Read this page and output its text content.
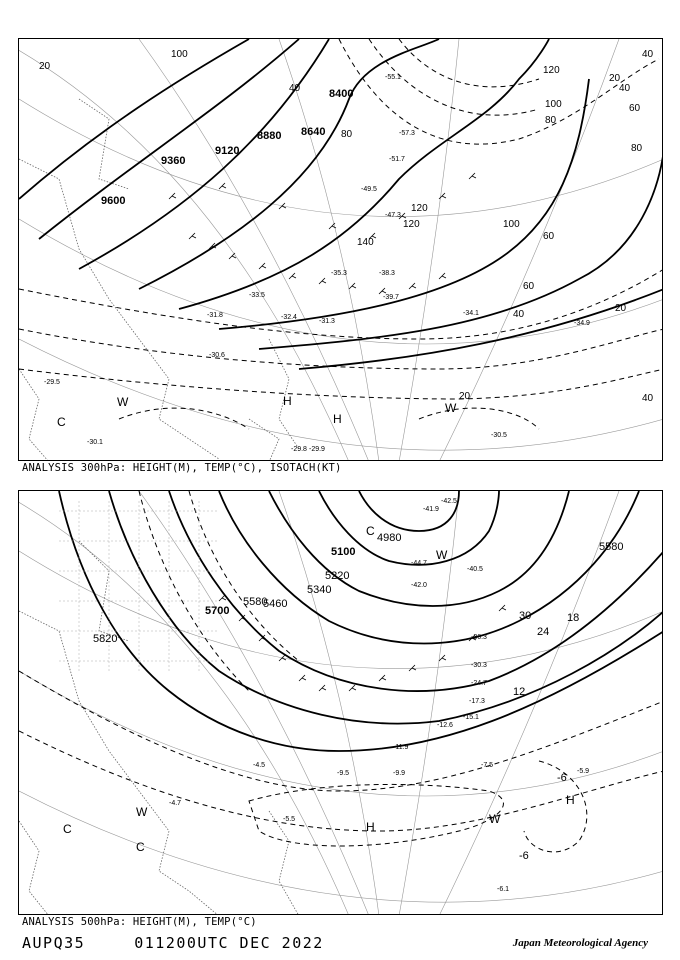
9600
9360
9120
8880 8640
8400
100
40
20
80
120
140
120
100
80
60
40
20
40
40
60
40
20
80
60
100
120
20
-30.1
-29.5
-29.8
-30.5
-33.5
-35.3
-34.1
-34.9
-38.3
-39.7
-47.3
-57.3
-55.1
-51.7
-49.5
-31.8	-32.4
-30.6
-29.9
-31.3
H
H
C
W	W
ANALYSIS 300hPa: HEIGHT(M), TEMP(°C), ISOTACH(KT)
5820
5700
5580
5460
5340
5220
5100
4980
5580
30
24
18
12
-6
-6
-41.9
-42.5
-44.7
-40.5
-42.0
-36.3
-30.3
-24.7
-17.3
-15.1
-12.6
-11.9
-9.9
-9.5
-7.5
-5.9
-5.5
-4.7
-6.1
-4.5
H
H
C
C
W	W
W
C
ANALYSIS 500hPa: HEIGHT(M), TEMP(°C)
AUPQ35	011200UTC DEC 2022	Japan Meteorological Agency
